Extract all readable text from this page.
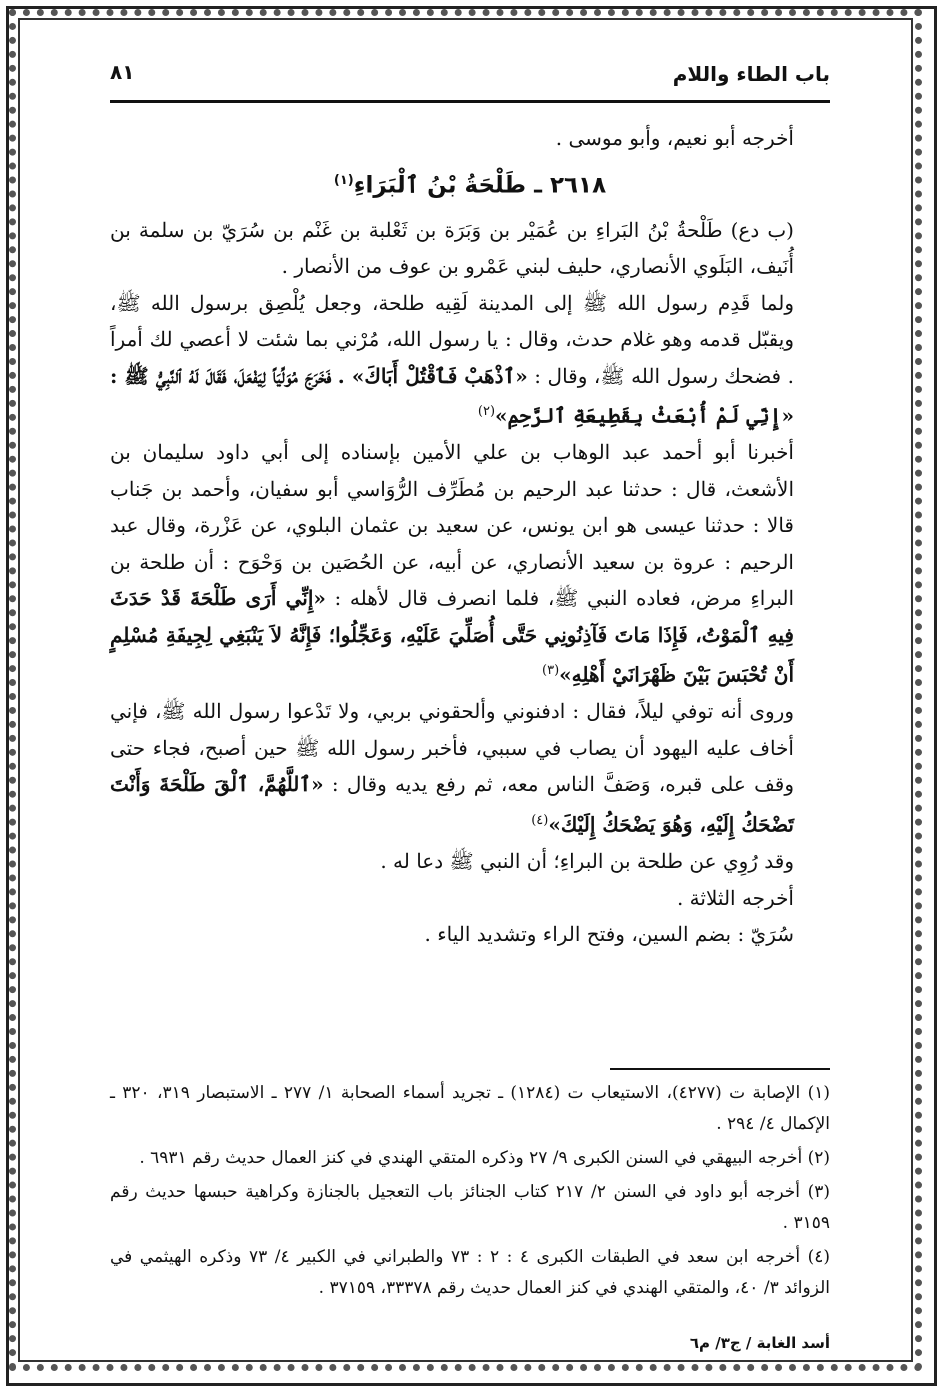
باب الطاء واللام
٨١

أخرجه أبو نعيم، وأبو موسى .

٢٦١٨ ـ طَلْحَةُ بْنُ ٱلْبَرَاءِ$^{(١)}$

(ب دع) طَلْحةُ بْنُ البَراءِ بن عُمَيْر بن وَبَرَة بن ثَعْلبة بن غَنْم بن سُرَيّ بن سلمة بن أُنَيف، البَلَوي الأنصاري، حليف لبني عَمْرو بن عوف من الأنصار .

ولما قَدِم رسول الله ﷺ إلى المدينة لَقِيه طلحة، وجعل يُلْصِق برسول الله ﷺ، ويقبّل قدمه وهو غلام حدث، وقال : يا رسول الله، مُرْني بما شئت لا أعصي لك أمراً . فضحك رسول الله ﷺ، وقال : «ٱذْهَبْ فَٱقْتُلْ أَبَاكَ» . فَخَرَجَ مُوَلِّيَاً لِيَفْعَلَ، فَقَالَ لَهُ ٱلنَّبِيُّ ﷺ : «إِنِّي لَمْ أُبْعَثْ بِقَطِيعَةِ ٱلرَّحِمِ»$^{(٢)}$

أخبرنا أبو أحمد عبد الوهاب بن علي الأمين بإسناده إلى أبي داود سليمان بن الأشعث، قال : حدثنا عبد الرحيم بن مُطَرِّف الرُّوَاسي أبو سفيان، وأحمد بن جَناب قالا : حدثنا عيسى هو ابن يونس، عن سعيد بن عثمان البلوي، عن عَزْرة، وقال عبد الرحيم : عروة بن سعيد الأنصاري، عن أبيه، عن الحُصَين بن وَحْوَح : أن طلحة بن البراءِ مرض، فعاده النبي ﷺ، فلما انصرف قال لأهله : «إِنِّي أَرَى طَلْحَةَ قَدْ حَدَثَ فِيهِ ٱلْمَوْتُ، فَإِذَا مَاتَ فَآذِنُونِي حَتَّى أُصَلِّيَ عَلَيْهِ، وَعَجِّلُوا؛ فَإِنَّهُ لاَ يَنْبَغِي لِجِيفَةِ مُسْلِمٍ أَنْ تُحْبَسَ بَيْنَ ظَهْرَانَيْ أَهْلِهِ»$^{(٣)}$

وروى أنه توفي ليلاً، فقال : ادفنوني وألحقوني بربي، ولا تَدْعوا رسول الله ﷺ، فإني أخاف عليه اليهود أن يصاب في سببي، فأخبر رسول الله ﷺ حين أصبح، فجاء حتى وقف على قبره، وَصَفَّ الناس معه، ثم رفع يديه وقال : «ٱللَّهُمَّ، ٱلْقَ طَلْحَةَ وَأَنْتَ تَضْحَكُ إِلَيْهِ، وَهُوَ يَضْحَكُ إِلَيْكَ»$^{(٤)}$

وقد رُوِي عن طلحة بن البراءِ؛ أن النبي ﷺ دعا له .

أخرجه الثلاثة .

سُرَيّ : بضم السين، وفتح الراء وتشديد الياء .

(١) الإصابة ت (٤٢٧٧)، الاستيعاب ت (١٢٨٤) ـ تجريد أسماء الصحابة ١/ ٢٧٧ ـ الاستبصار ٣١٩، ٣٢٠ ـ الإكمال ٤/ ٢٩٤ .

(٢) أخرجه البيهقي في السنن الكبرى ٩/ ٢٧ وذكره المتقي الهندي في كنز العمال حديث رقم ٦٩٣١ .

(٣) أخرجه أبو داود في السنن ٢/ ٢١٧ كتاب الجنائز باب التعجيل بالجنازة وكراهية حبسها حديث رقم ٣١٥٩ .

(٤) أخرجه ابن سعد في الطبقات الكبرى ٤ : ٢ : ٧٣ والطبراني في الكبير ٤/ ٧٣ وذكره الهيثمي في الزوائد ٣/ ٤٠، والمتقي الهندي في كنز العمال حديث رقم ٣٣٣٧٨، ٣٧١٥٩ .

أسد الغابة / ج٣/ م٦
